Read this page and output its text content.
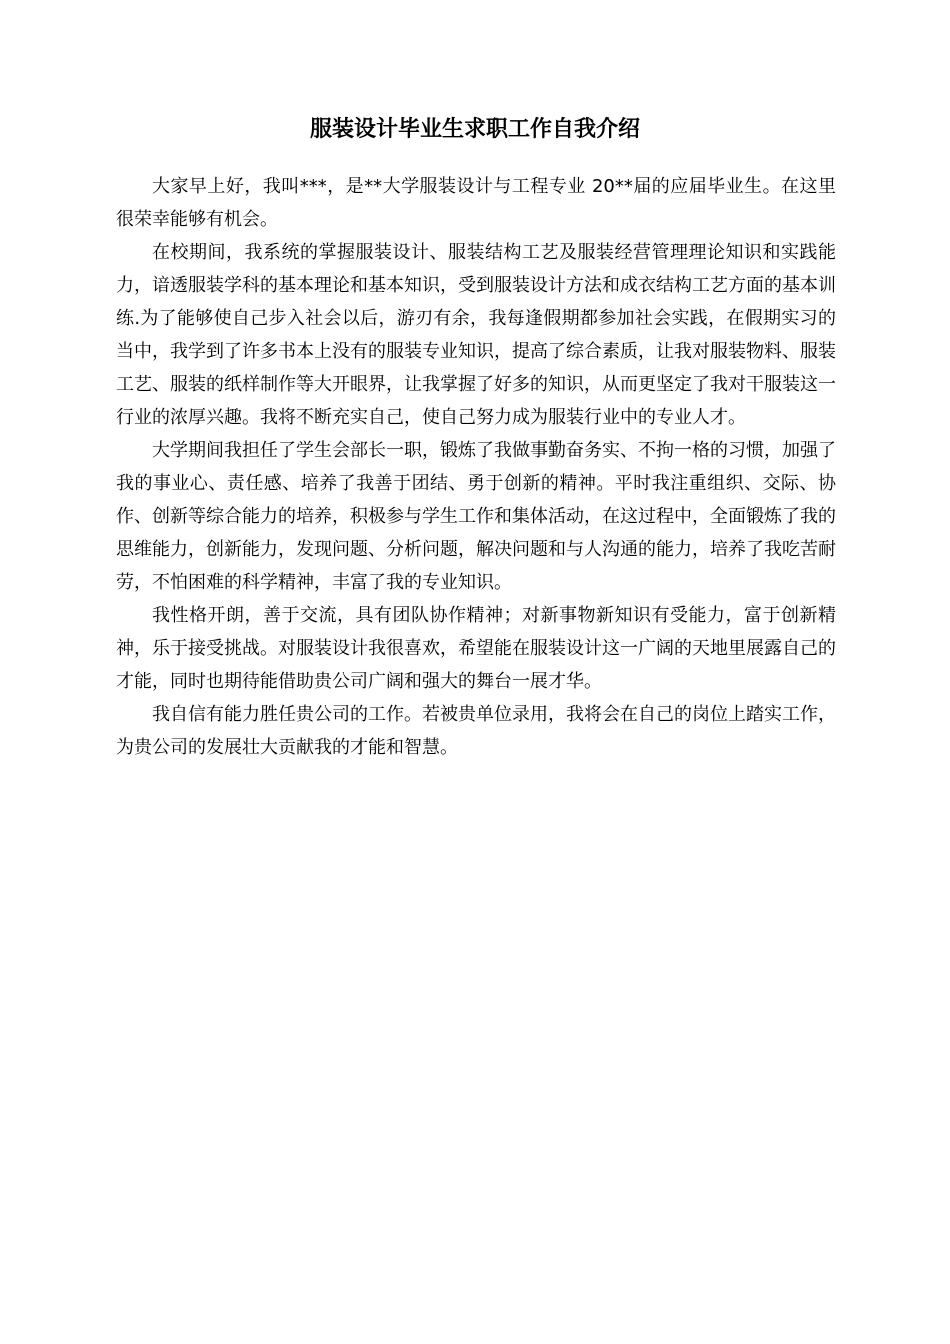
服装设计毕业生求职工作自我介绍

大家早上好，我叫***，是**大学服装设计与工程专业 20**届的应届毕业生。在这里很荣幸能够有机会。

在校期间，我系统的掌握服装设计、服装结构工艺及服装经营管理理论知识和实践能力，谙透服装学科的基本理论和基本知识，受到服装设计方法和成衣结构工艺方面的基本训练.为了能够使自己步入社会以后，游刃有余，我每逢假期都参加社会实践，在假期实习的当中，我学到了许多书本上没有的服装专业知识，提高了综合素质，让我对服装物料、服装工艺、服装的纸样制作等大开眼界，让我掌握了好多的知识，从而更坚定了我对干服装这一行业的浓厚兴趣。我将不断充实自己，使自己努力成为服装行业中的专业人才。

大学期间我担任了学生会部长一职，锻炼了我做事勤奋务实、不拘一格的习惯，加强了我的事业心、责任感、培养了我善于团结、勇于创新的精神。平时我注重组织、交际、协作、创新等综合能力的培养，积极参与学生工作和集体活动，在这过程中，全面锻炼了我的思维能力，创新能力，发现问题、分析问题，解决问题和与人沟通的能力，培养了我吃苦耐劳，不怕困难的科学精神，丰富了我的专业知识。

我性格开朗，善于交流，具有团队协作精神；对新事物新知识有受能力，富于创新精神，乐于接受挑战。对服装设计我很喜欢，希望能在服装设计这一广阔的天地里展露自己的才能，同时也期待能借助贵公司广阔和强大的舞台一展才华。

我自信有能力胜任贵公司的工作。若被贵单位录用，我将会在自己的岗位上踏实工作，为贵公司的发展壮大贡献我的才能和智慧。
